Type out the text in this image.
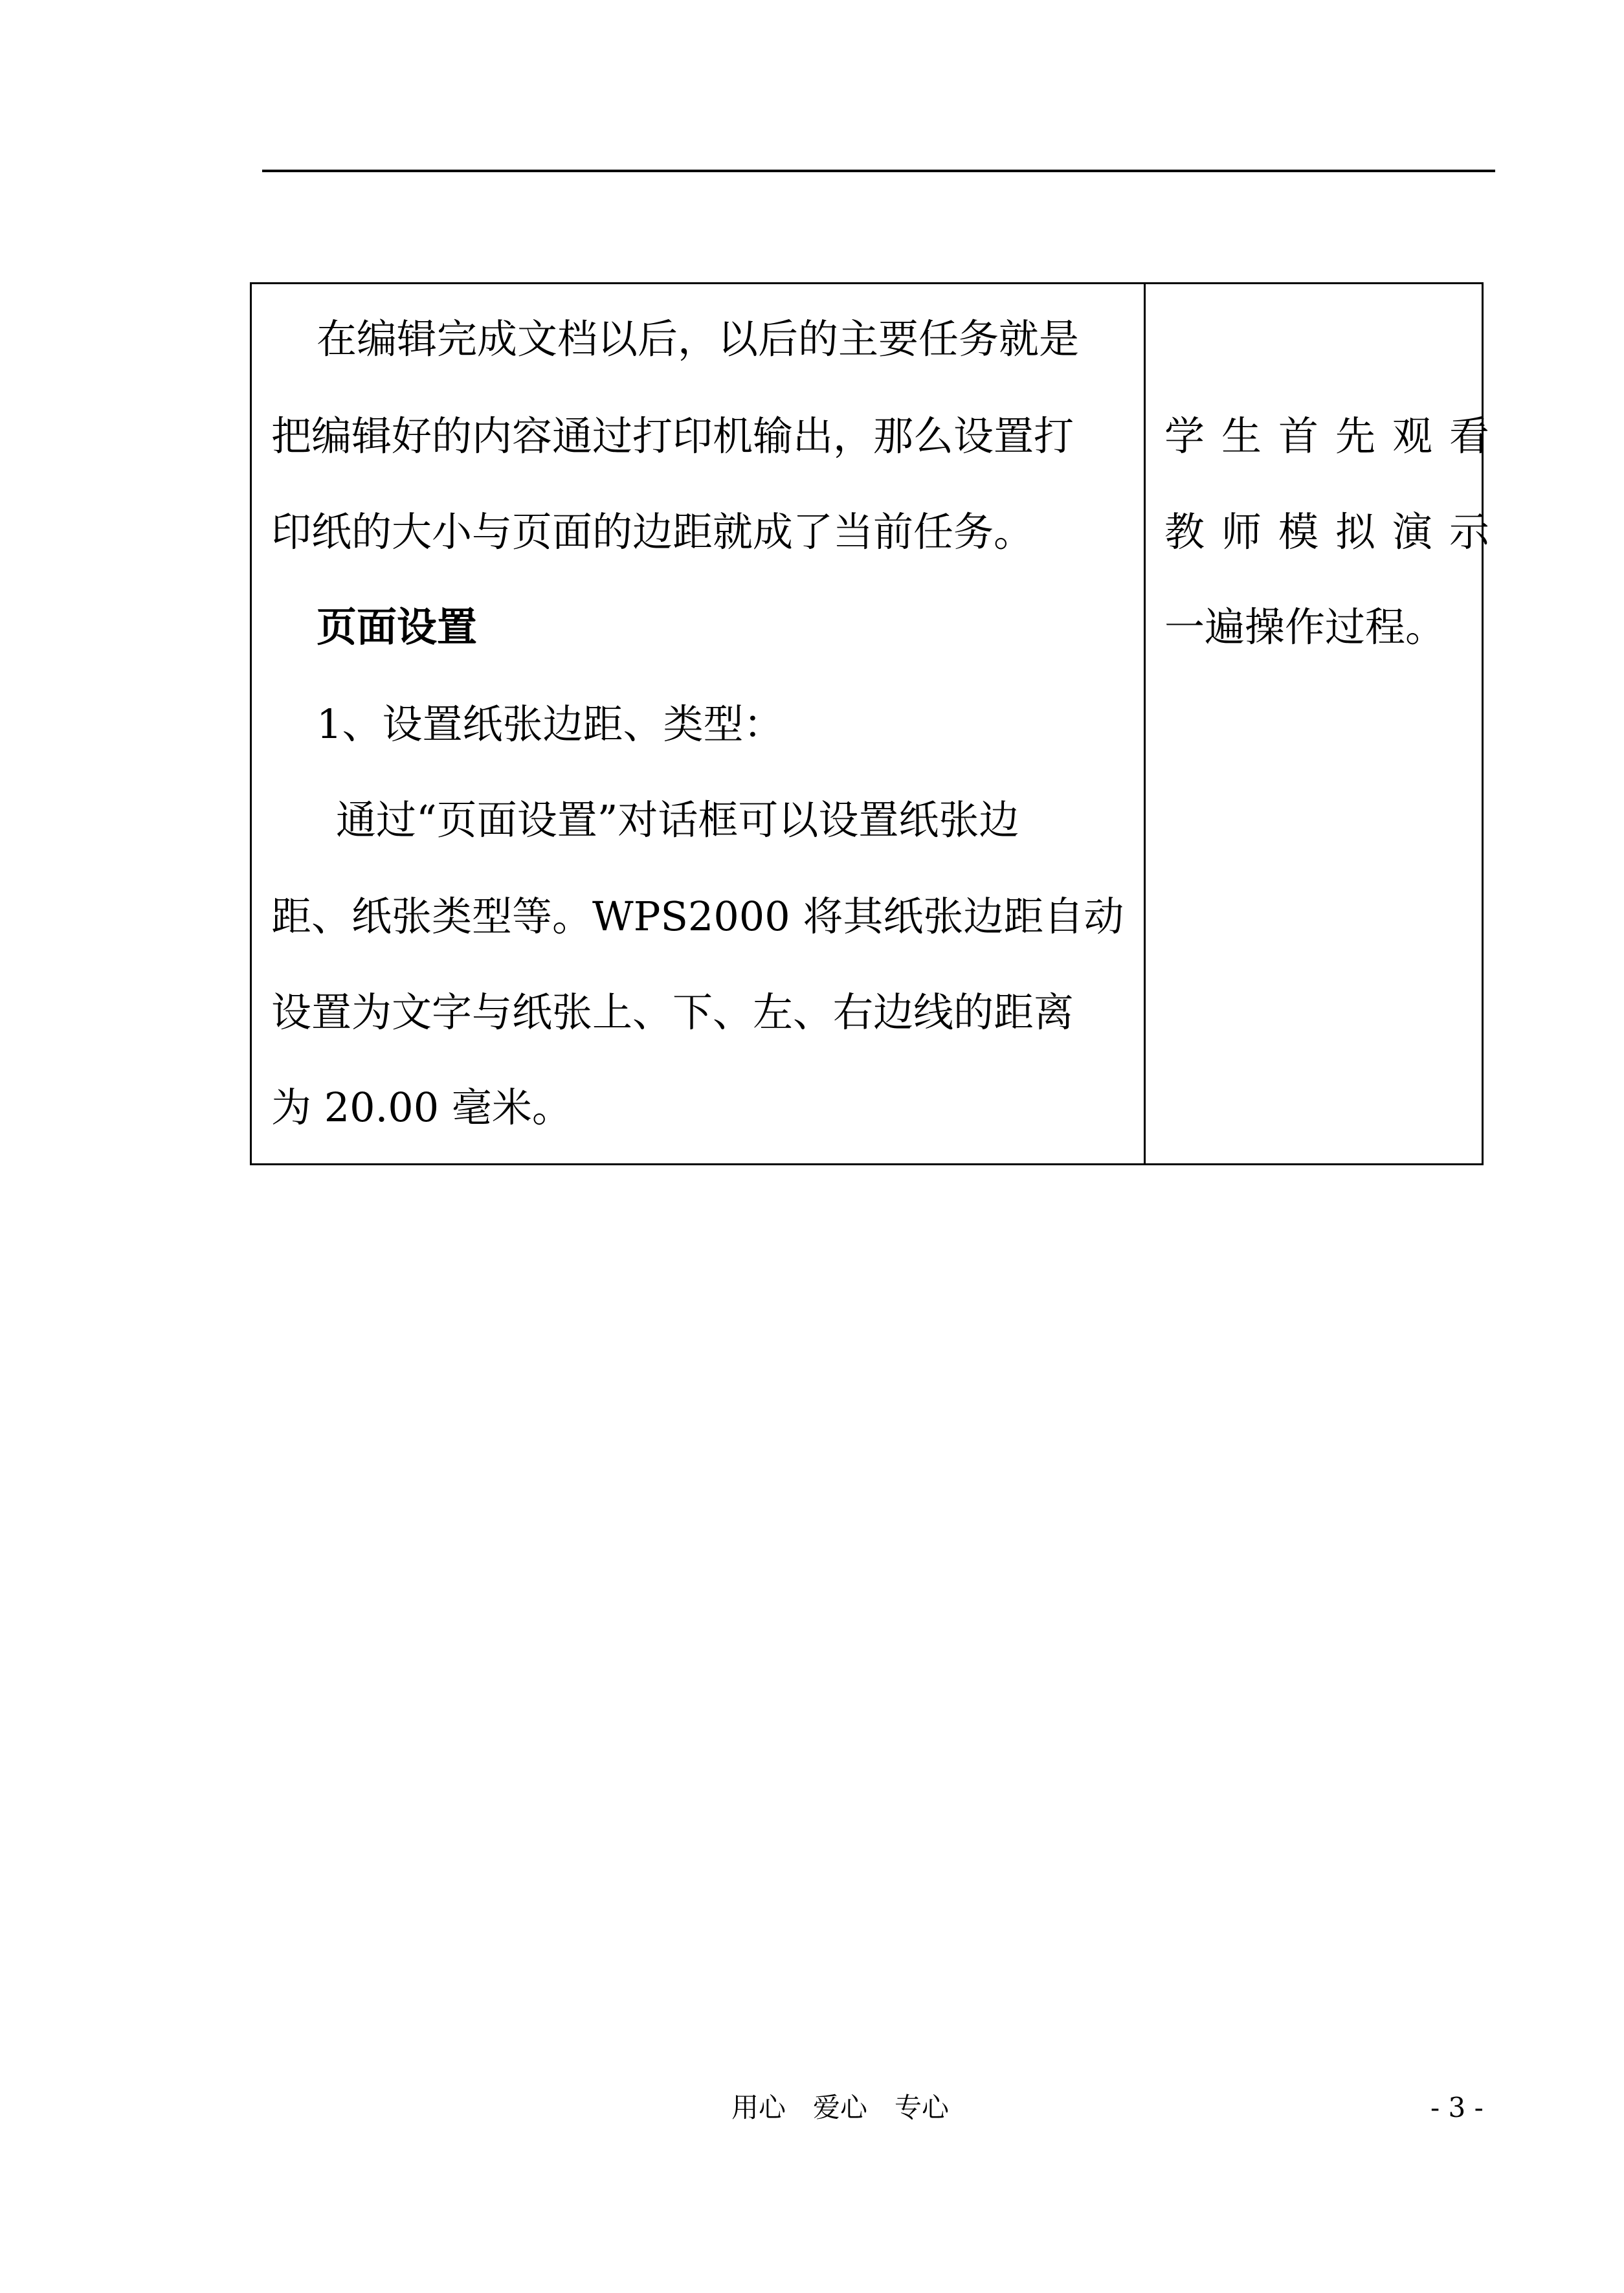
在编辑完成文档以后，以后的主要任务就是
把编辑好的内容通过打印机输出，那么设置打
印纸的大小与页面的边距就成了当前任务。
页面设置
1、设置纸张边距、类型：
通过“页面设置”对话框可以设置纸张边
距、纸张类型等。WPS2000 将其纸张边距自动
设置为文字与纸张上、下、左、右边线的距离
为 20.00 毫米。
学生首先观看
教师模拟演示
一遍操作过程。
用心　爱心　专心	- 3 -
